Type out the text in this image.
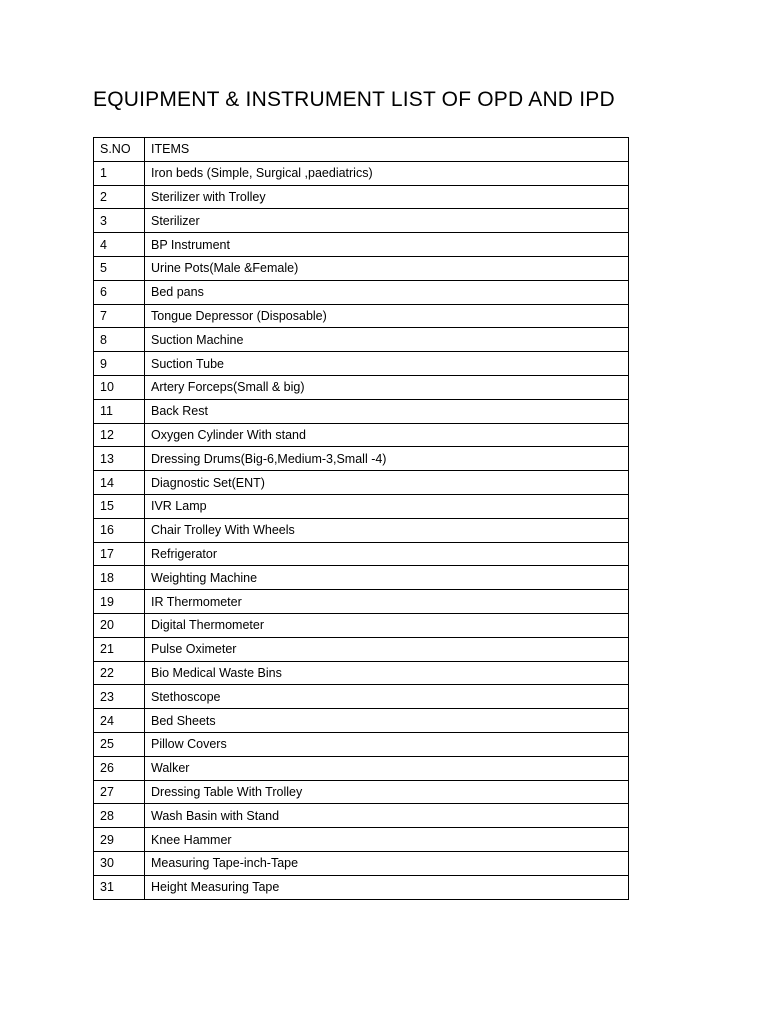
EQUIPMENT & INSTRUMENT LIST OF OPD AND IPD
S.NO	ITEMS
1	Iron beds (Simple, Surgical ,paediatrics)
2	Sterilizer with Trolley
3	Sterilizer
4	BP Instrument
5	Urine Pots(Male &Female)
6	Bed pans
7	Tongue Depressor (Disposable)
8	Suction Machine
9	Suction Tube
10	Artery Forceps(Small & big)
11	Back Rest
12	Oxygen Cylinder With stand
13	Dressing Drums(Big-6,Medium-3,Small -4)
14	Diagnostic Set(ENT)
15	IVR Lamp
16	Chair Trolley With Wheels
17	Refrigerator
18	Weighting Machine
19	IR Thermometer
20	Digital Thermometer
21	Pulse Oximeter
22	Bio Medical Waste Bins
23	Stethoscope
24	Bed Sheets
25	Pillow Covers
26	Walker
27	Dressing Table With Trolley
28	Wash Basin with Stand
29	Knee Hammer
30	Measuring Tape-inch-Tape
31	Height Measuring Tape
